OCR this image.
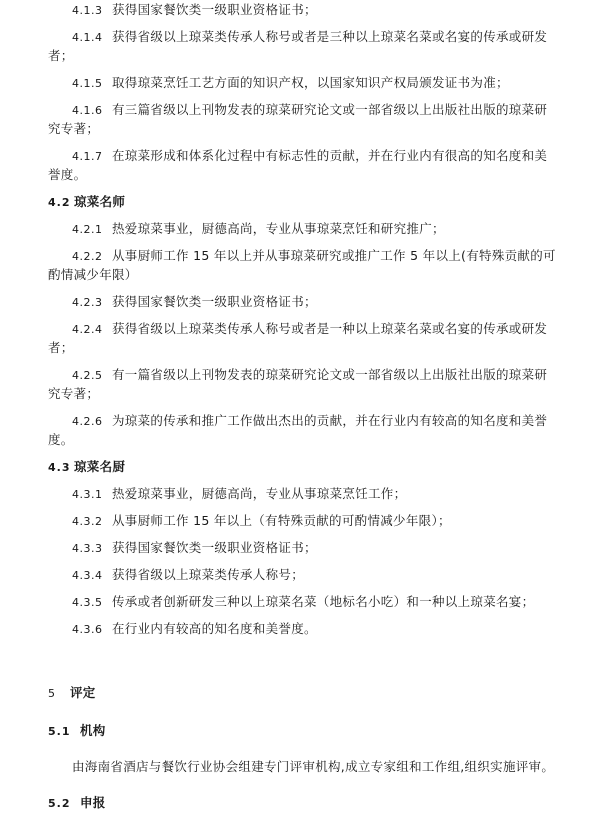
4.1.3 获得国家餐饮类一级职业资格证书；
4.1.4 获得省级以上琼菜类传承人称号或者是三种以上琼菜名菜或名宴的传承或研发
者；
4.1.5 取得琼菜烹饪工艺方面的知识产权，以国家知识产权局颁发证书为准；
4.1.6 有三篇省级以上刊物发表的琼菜研究论文或一部省级以上出版社出版的琼菜研
究专著；
4.1.7 在琼菜形成和体系化过程中有标志性的贡献，并在行业内有很高的知名度和美
誉度。
4.2 琼菜名师
4.2.1 热爱琼菜事业，厨德高尚，专业从事琼菜烹饪和研究推广；
4.2.2 从事厨师工作 15 年以上并从事琼菜研究或推广工作 5 年以上(有特殊贡献的可
酌情减少年限）
4.2.3 获得国家餐饮类一级职业资格证书；
4.2.4 获得省级以上琼菜类传承人称号或者是一种以上琼菜名菜或名宴的传承或研发
者；
4.2.5 有一篇省级以上刊物发表的琼菜研究论文或一部省级以上出版社出版的琼菜研
究专著；
4.2.6 为琼菜的传承和推广工作做出杰出的贡献，并在行业内有较高的知名度和美誉
度。
4.3 琼菜名厨
4.3.1 热爱琼菜事业，厨德高尚，专业从事琼菜烹饪工作；
4.3.2 从事厨师工作 15 年以上（有特殊贡献的可酌情减少年限）；
4.3.3 获得国家餐饮类一级职业资格证书；
4.3.4 获得省级以上琼菜类传承人称号；
4.3.5 传承或者创新研发三种以上琼菜名菜（地标名小吃）和一种以上琼菜名宴；
4.3.6 在行业内有较高的知名度和美誉度。
5 评定
5.1 机构
由海南省酒店与餐饮行业协会组建专门评审机构,成立专家组和工作组,组织实施评审。
5.2 申报
